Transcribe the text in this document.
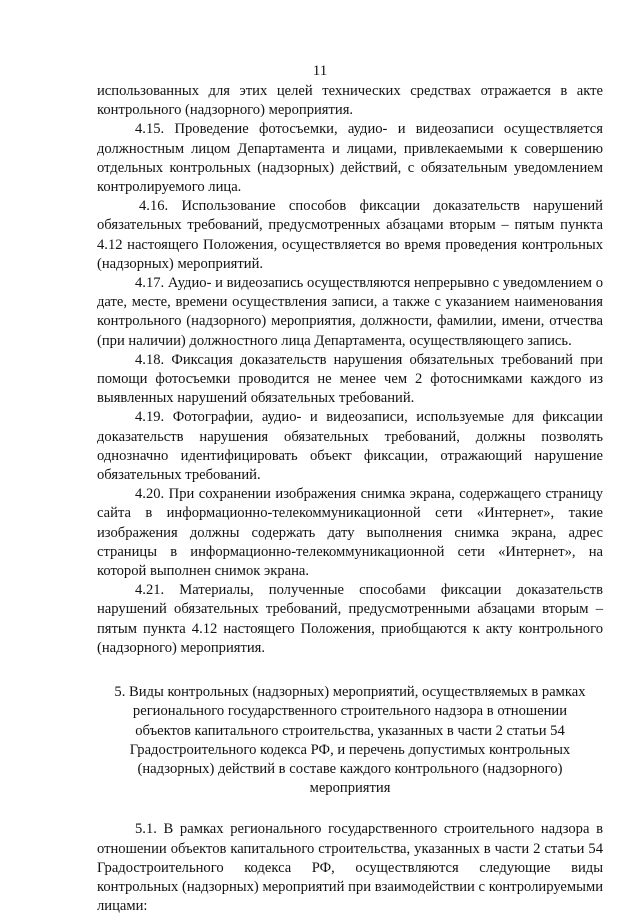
11

использованных для этих целей технических средствах отражается в акте контрольного (надзорного) мероприятия.

4.15. Проведение фотосъемки, аудио- и видеозаписи осуществляется должностным лицом Департамента и лицами, привлекаемыми к совершению отдельных контрольных (надзорных) действий, с обязательным уведомлением контролируемого лица.

4.16. Использование способов фиксации доказательств нарушений обязательных требований, предусмотренных абзацами вторым – пятым пункта 4.12 настоящего Положения, осуществляется во время проведения контрольных (надзорных) мероприятий.

4.17. Аудио- и видеозапись осуществляются непрерывно с уведомлением о дате, месте, времени осуществления записи, а также с указанием наименования контрольного (надзорного) мероприятия, должности, фамилии, имени, отчества (при наличии) должностного лица Департамента, осуществляющего запись.

4.18. Фиксация доказательств нарушения обязательных требований при помощи фотосъемки проводится не менее чем 2 фотоснимками каждого из выявленных нарушений обязательных требований.

4.19. Фотографии, аудио- и видеозаписи, используемые для фиксации доказательств нарушения обязательных требований, должны позволять однозначно идентифицировать объект фиксации, отражающий нарушение обязательных требований.

4.20. При сохранении изображения снимка экрана, содержащего страницу сайта в информационно-телекоммуникационной сети «Интернет», такие изображения должны содержать дату выполнения снимка экрана, адрес страницы в информационно-телекоммуникационной сети «Интернет», на которой выполнен снимок экрана.

4.21. Материалы, полученные способами фиксации доказательств нарушений обязательных требований, предусмотренными абзацами вторым – пятым пункта 4.12 настоящего Положения, приобщаются к акту контрольного (надзорного) мероприятия.

5. Виды контрольных (надзорных) мероприятий, осуществляемых в рамках регионального государственного строительного надзора в отношении объектов капитального строительства, указанных в части 2 статьи 54 Градостроительного кодекса РФ, и перечень допустимых контрольных (надзорных) действий в составе каждого контрольного (надзорного) мероприятия

5.1. В рамках регионального государственного строительного надзора в отношении объектов капитального строительства, указанных в части 2 статьи 54 Градостроительного кодекса РФ, осуществляются следующие виды контрольных (надзорных) мероприятий при взаимодействии с контролируемыми лицами:
